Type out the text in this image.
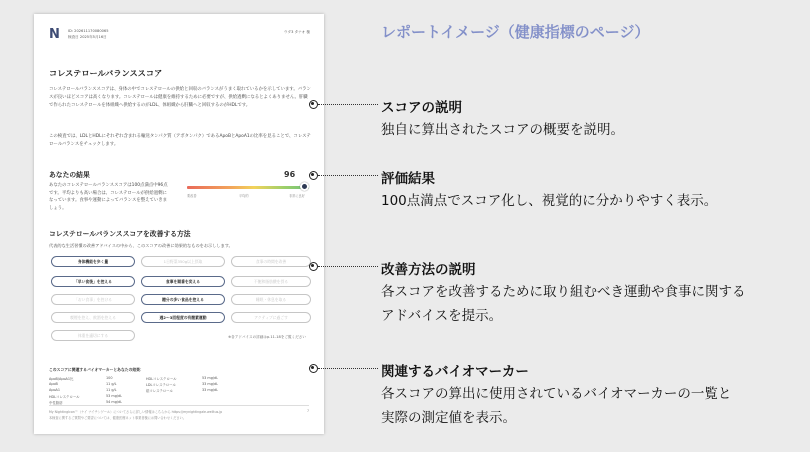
レポートイメージ（健康指標のページ）
N	ID: 202611170080065
検査日 2025年5月16日
ウダ3 タナオ 様
コレステロールバランススコア
コレステロールバランススコアは、身体の中でコレステロールの供給と回収のバランスがうまく取れているかを示しています。バランスが良いほどスコアは高くなります。コレステロールは健康を維持するために必要ですが、供給過剰になるとよくありません。肝臓で作られたコレステロールを体組織へ供給するのがLDL、体組織から肝臓へと回収するのがHDLです。
この検査では、LDLとHDLにそれぞれ含まれる輸送タンパク質（アポタンパク）であるApoBとApoA1の比率を見ることで、コレステロールバランスをチェックします。
あなたの結果
あなたのコレステロールバランススコアは100点満点中96点です。平均よりも高い場合は、コレステロールが供給過剰になっています。食事や運動によってバランスを整えていきましょう。
96
要改善	平均的	非常に良好
コレステロールバランススコアを改善する方法
代表的な生活習慣の改善アドバイスの中から、このスコアの改善に効果的なものをお示しします。
身体機能を歩く量	1日野菜350g以上摂取	食事の時間を改善
「早い食後」を控える	食事を順番を変える	不飽和脂肪酸を摂る
「おい食事」を控ける	糖分の多い食品を控える	睡眠・休息を取る
喫煙を控え、飲酒を控える	週2～3回程度の有酸素運動	アクティブに過ごす
体重を適切にする	※各アドバイスの詳細はp.11-18をご覧ください
このスコアに関連するバイオマーカーとあなたの結果：
ApoB/ApoA1比	100
ApoB	11 g/L
ApoA1	11 g/L
HDLコレステロール	53 mg/dL
中性脂肪	54 mg/dL
HDLコレステロール	53 mg/dL
LDLコレステロール	33 mg/dL
総コレステロール	33 mg/dL
My NightingIcon™（ナイ ナイチンゲール）についてさらに詳しい情報はこちらから https://mynightingale.welltus.jp
本検査に関するご質問やご要望については、健康医療ネット事業者様にお問い合わせください。
7
スコアの説明
独自に算出されたスコアの概要を説明。
評価結果
100点満点でスコア化し、視覚的に分かりやすく表示。
改善方法の説明
各スコアを改善するために取り組むべき運動や食事に関する
アドバイスを提示。
関連するバイオマーカー
各スコアの算出に使用されているバイオマーカーの一覧と
実際の測定値を表示。
